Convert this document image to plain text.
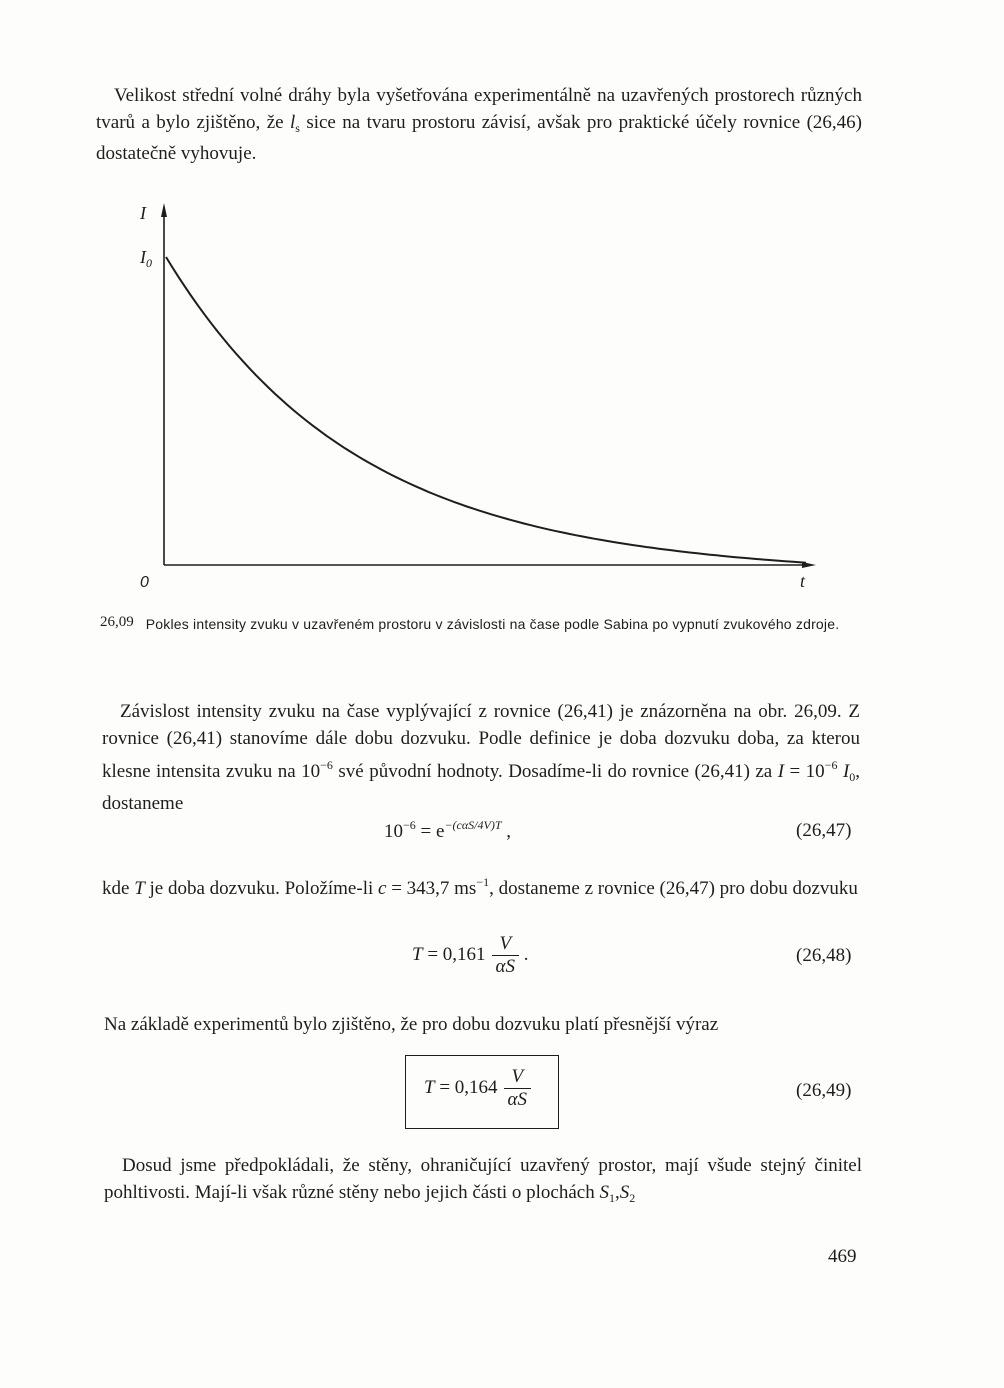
Velikost střední volné dráhy byla vyšetřována experimentálně na uzavřených prostorech různých tvarů a bylo zjištěno, že $l_s$ sice na tvaru prostoru závisí, avšak pro praktické účely rovnice (26,46) dostatečně vyhovuje.
I
$I_0$
0	t
26,09 Pokles intensity zvuku v uzavřeném prostoru v závislosti na čase podle Sabina po vypnutí zvukového zdroje.
Závislost intensity zvuku na čase vyplývající z rovnice (26,41) je znázorněna na obr. 26,09. Z rovnice (26,41) stanovíme dále dobu dozvuku. Podle definice je doba dozvuku doba, za kterou klesne intensita zvuku na $10^{-6}$ své původní hodnoty. Dosadíme-li do rovnice (26,41) za $I = 10^{-6}$ $I_0$, dostaneme
$10^{-6} = e^{-(c\alpha S/4V)T}$ ,	(26,47)
kde T je doba dozvuku. Položíme-li c = 343,7 $ms^{-1}$, dostaneme z rovnice (26,47) pro dobu dozvuku
$T = 0,161 \frac{V}{\alpha S}$ .	(26,48)
Na základě experimentů bylo zjištěno, že pro dobu dozvuku platí přesnější výraz
$T = 0,164 \frac{V}{\alpha S}$	(26,49)
Dosud jsme předpokládali, že stěny, ohraničující uzavřený prostor, mají všude stejný činitel pohltivosti. Mají-li však různé stěny nebo jejich části o plochách $S_1,S_2$
469
